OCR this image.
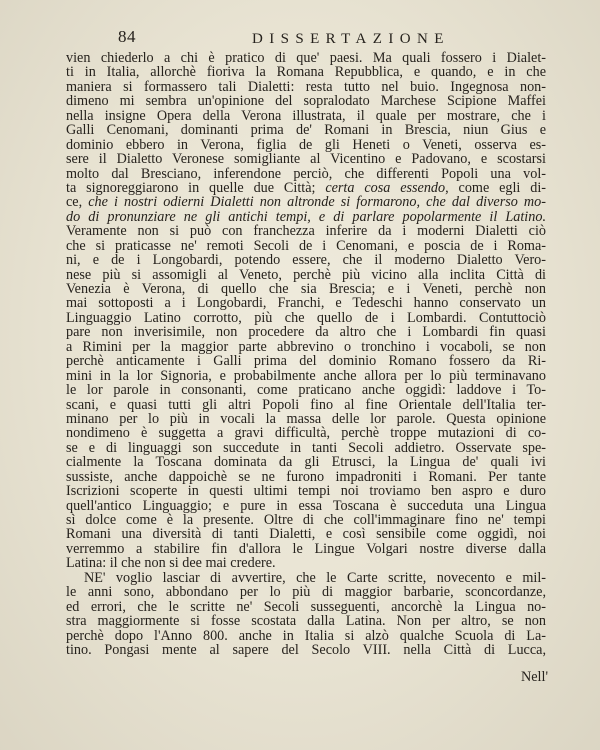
84	DISSERTAZIONE
vien chiederlo a chi è pratico di que' paesi. Ma quali fossero i Dialet-
ti in Italia, allorchè fioriva la Romana Repubblica, e quando, e in che
maniera si formassero tali Dialetti: resta tutto nel buio. Ingegnosa non-
dimeno mi sembra un'opinione del sopralodato Marchese Scipione Maffei
nella insigne Opera della Verona illustrata, il quale per mostrare, che i
Galli Cenomani, dominanti prima de' Romani in Brescia, niun Gius e
dominio ebbero in Verona, figlia de gli Heneti o Veneti, osserva es-
sere il Dialetto Veronese somigliante al Vicentino e Padovano, e scostarsi
molto dal Bresciano, inferendone perciò, che differenti Popoli una vol-
ta signoreggiarono in quelle due Città; certa cosa essendo, come egli di-
ce, che i nostri odierni Dialetti non altronde si formarono, che dal diverso mo-
do di pronunziare ne gli antichi tempi, e di parlare popolarmente il Latino.
Veramente non si può con franchezza inferire da i moderni Dialetti ciò
che si praticasse ne' remoti Secoli de i Cenomani, e poscia de i Roma-
ni, e de i Longobardi, potendo essere, che il moderno Dialetto Vero-
nese più si assomigli al Veneto, perchè più vicino alla inclita Città di
Venezia è Verona, di quello che sia Brescia; e i Veneti, perchè non
mai sottoposti a i Longobardi, Franchi, e Tedeschi hanno conservato un
Linguaggio Latino corrotto, più che quello de i Lombardi. Contuttociò
pare non inverisimile, non procedere da altro che i Lombardi fin quasi
a Rimini per la maggior parte abbrevino o tronchino i vocaboli, se non
perchè anticamente i Galli prima del dominio Romano fossero da Ri-
mini in la lor Signoria, e probabilmente anche allora per lo più terminavano
le lor parole in consonanti, come praticano anche oggidì: laddove i To-
scani, e quasi tutti gli altri Popoli fino al fine Orientale dell'Italia ter-
minano per lo più in vocali la massa delle lor parole. Questa opinione
nondimeno è suggetta a gravi difficultà, perchè troppe mutazioni di co-
se e di linguaggi son succedute in tanti Secoli addietro. Osservate spe-
cialmente la Toscana dominata da gli Etrusci, la Lingua de' quali ivi
sussiste, anche dappoichè se ne furono impadroniti i Romani. Per tante
Iscrizioni scoperte in questi ultimi tempi noi troviamo ben aspro e duro
quell'antico Linguaggio; e pure in essa Toscana è succeduta una Lingua
sì dolce come è la presente. Oltre di che coll'immaginare fino ne' tempi
Romani una diversità di tanti Dialetti, e così sensibile come oggidì, noi
verremmo a stabilire fin d'allora le Lingue Volgari nostre diverse dalla
Latina: il che non si dee mai credere.
NE' voglio lasciar di avvertire, che le Carte scritte, novecento e mil-
le anni sono, abbondano per lo più di maggior barbarie, sconcordanze,
ed errori, che le scritte ne' Secoli susseguenti, ancorchè la Lingua no-
stra maggiormente si fosse scostata dalla Latina. Non per altro, se non
perchè dopo l'Anno 800. anche in Italia si alzò qualche Scuola di La-
tino. Pongasi mente al sapere del Secolo VIII. nella Città di Lucca,
Nell'
